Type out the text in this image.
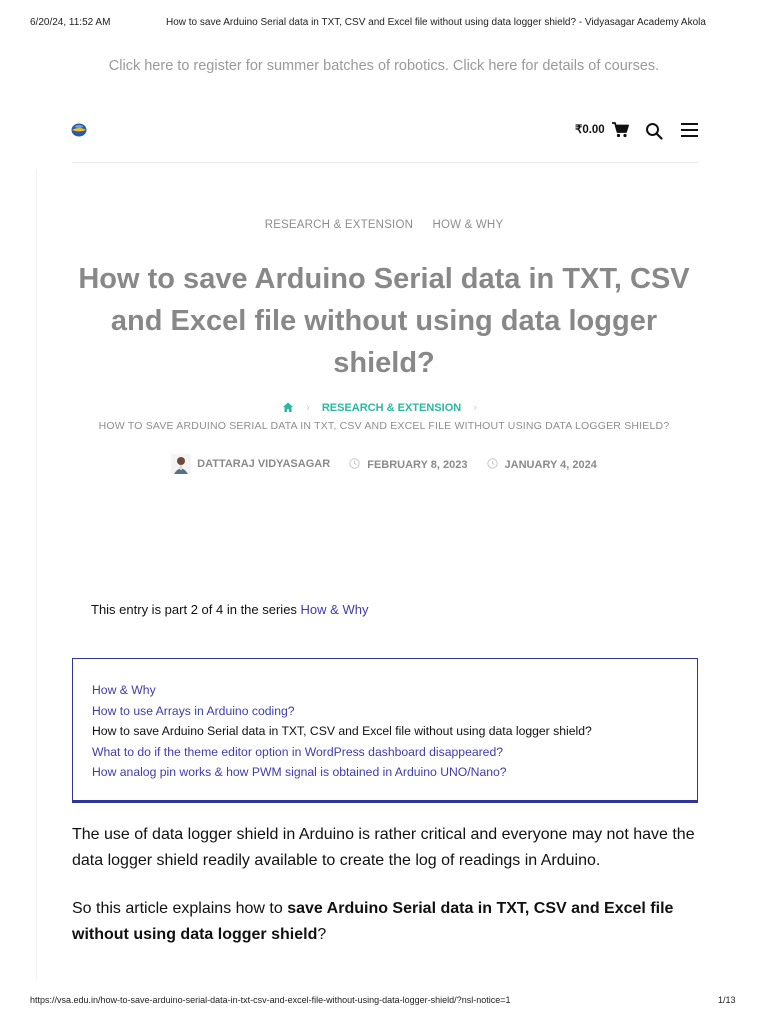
6/20/24, 11:52 AM	How to save Arduino Serial data in TXT, CSV and Excel file without using data logger shield? - Vidyasagar Academy Akola
Click here to register for summer batches of robotics. Click here for details of courses.
₹0.00
RESEARCH & EXTENSION HOW & WHY
How to save Arduino Serial data in TXT, CSV and Excel file without using data logger shield?
› RESEARCH & EXTENSION ›
HOW TO SAVE ARDUINO SERIAL DATA IN TXT, CSV AND EXCEL FILE WITHOUT USING DATA LOGGER SHIELD?
DATTARAJ VIDYASAGAR	FEBRUARY 8, 2023	JANUARY 4, 2024
This entry is part 2 of 4 in the series How & Why
How & Why
How to use Arrays in Arduino coding?
How to save Arduino Serial data in TXT, CSV and Excel file without using data logger shield?
What to do if the theme editor option in WordPress dashboard disappeared?
How analog pin works & how PWM signal is obtained in Arduino UNO/Nano?

The use of data logger shield in Arduino is rather critical and everyone may not have the data logger shield readily available to create the log of readings in Arduino.

So this article explains how to save Arduino Serial data in TXT, CSV and Excel file without using data logger shield?

https://vsa.edu.in/how-to-save-arduino-serial-data-in-txt-csv-and-excel-file-without-using-data-logger-shield/?nsl-notice=1	1/13
